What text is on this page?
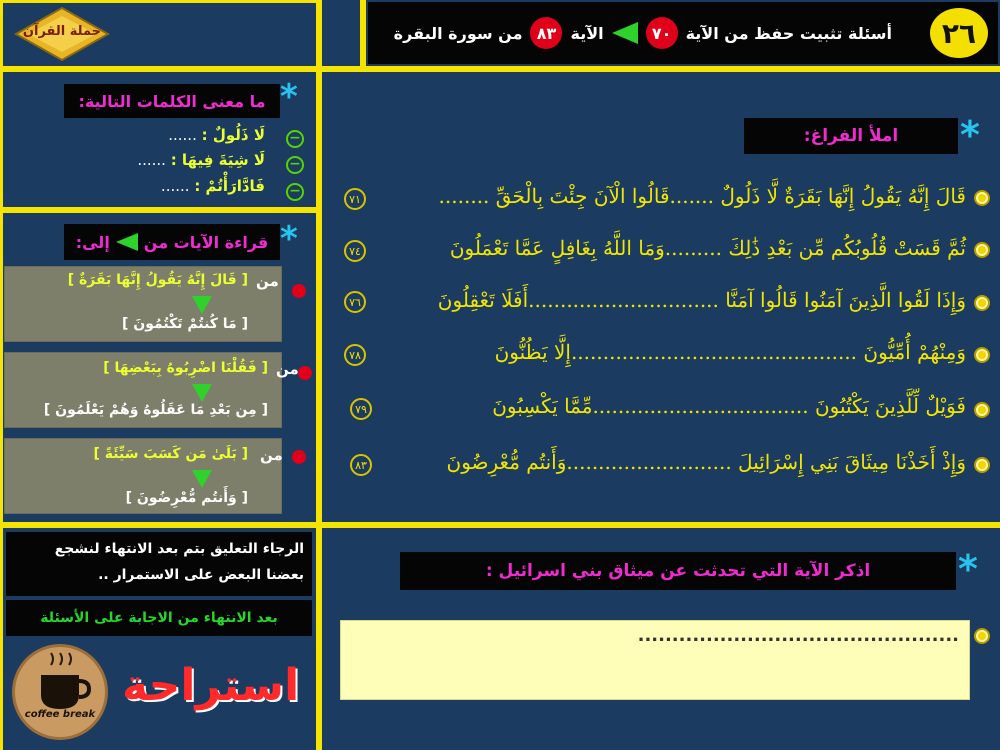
٢٦
أسئلة تثبيت حفظ من الآية
٧٠
الآية
٨٣
من سورة البقرة
حملة القرآن
ما معنى الكلمات التالية: *
−
لَا ذَلُولٌ : ......
−
لَا شِيَةَ فِيهَا : ......
−
فَادَّارَأْتُمْ : ......
قراءة الآيات من
إلى:	*
من
[ قَالَ إِنَّهُ يَقُولُ إِنَّهَا بَقَرَةٌ ]
[ مَا كُنتُمْ تَكْتُمُونَ ]
من
[ فَقُلْنَا اضْرِبُوهُ بِبَعْضِهَا ]
[ مِن بَعْدِ مَا عَقَلُوهُ وَهُمْ يَعْلَمُونَ ]
من
[ بَلَىٰ مَن كَسَبَ سَيِّئَةً ]
[ وَأَنتُم مُّعْرِضُونَ ]
الرجاء التعليق بتم بعد الانتهاء لنشجع
بعضنا البعض على الاستمرار ..
بعد الانتهاء من الاجابة على الأسئلة
coffee break
استراحة
املأ الفراغ: *
٧١	قَالَ إِنَّهُ يَقُولُ إِنَّهَا بَقَرَةٌ لَّا ذَلُولٌ .......قَالُوا الْآنَ جِئْتَ بِالْحَقِّ ........
٧٤	ثُمَّ قَسَتْ قُلُوبُكُم مِّن بَعْدِ ذَٰلِكَ .........وَمَا اللَّهُ بِغَافِلٍ عَمَّا تَعْمَلُونَ
٧٦	وَإِذَا لَقُوا الَّذِينَ آمَنُوا قَالُوا آمَنَّا ..............................أَفَلَا تَعْقِلُونَ
٧٨	وَمِنْهُمْ أُمِّيُّونَ .............................................إِلَّا يَظُنُّونَ
٧٩	فَوَيْلٌ لِّلَّذِينَ يَكْتُبُونَ ..................................مِّمَّا يَكْسِبُونَ
٨٣	وَإِذْ أَخَذْنَا مِيثَاقَ بَنِي إِسْرَائِيلَ ..........................وَأَنتُم مُّعْرِضُونَ
اذكر الآية التي تحدثت عن ميثاق بني اسرائيل : *
...............................................
